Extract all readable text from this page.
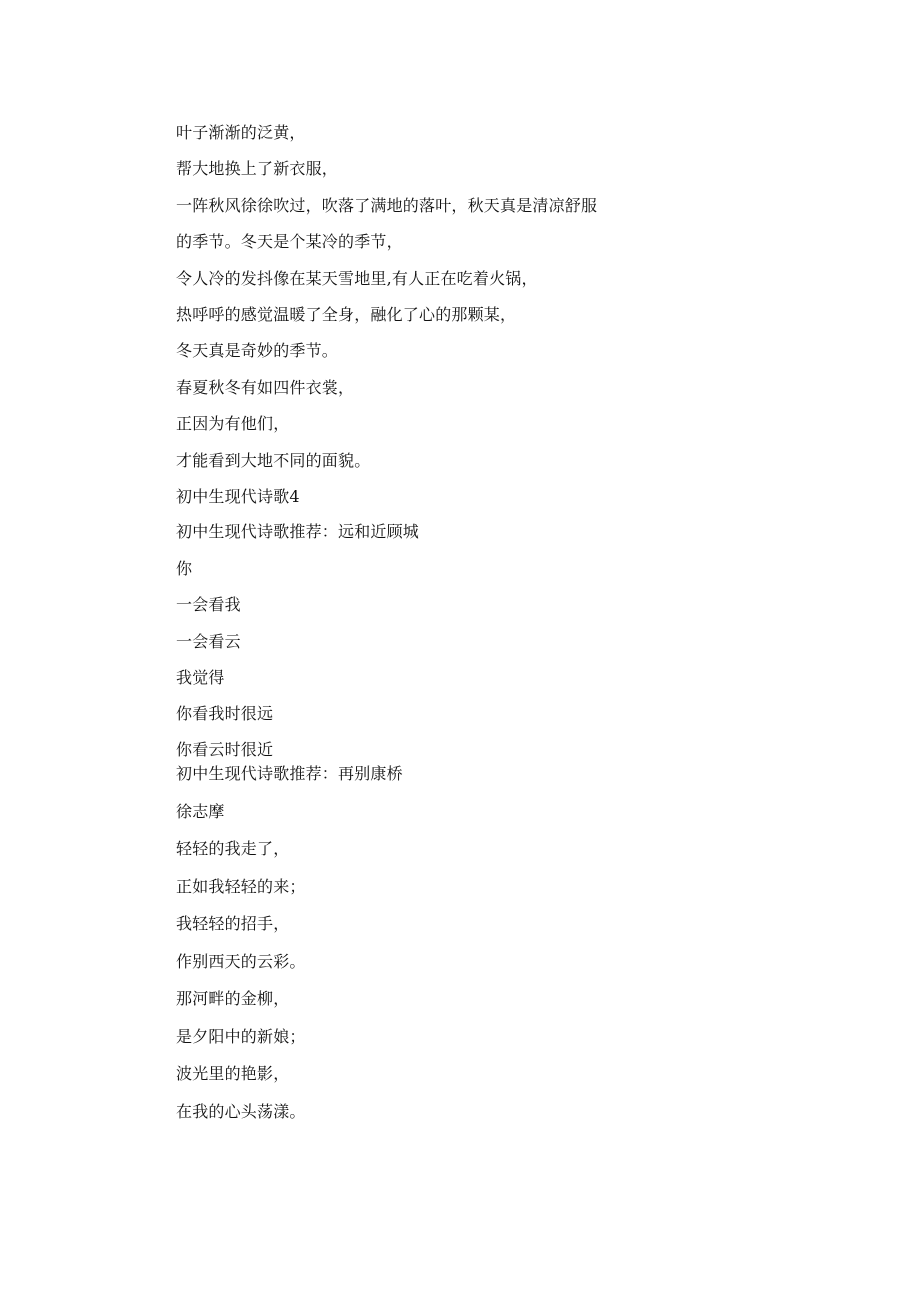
叶子渐渐的泛黄，
帮大地换上了新衣服，
一阵秋风徐徐吹过，吹落了满地的落叶，秋天真是清凉舒服
的季节。冬天是个某冷的季节，
令人冷的发抖像在某天雪地里,有人正在吃着火锅，
热呼呼的感觉温暖了全身，融化了心的那颗某，
冬天真是奇妙的季节。
春夏秋冬有如四件衣裳，
正因为有他们，
才能看到大地不同的面貌。
初中生现代诗歌4
初中生现代诗歌推荐：远和近顾城
你
一会看我
一会看云
我觉得
你看我时很远
你看云时很近
初中生现代诗歌推荐：再别康桥
徐志摩
轻轻的我走了，
正如我轻轻的来；
我轻轻的招手，
作别西天的云彩。
那河畔的金柳，
是夕阳中的新娘；
波光里的艳影，
在我的心头荡漾。
